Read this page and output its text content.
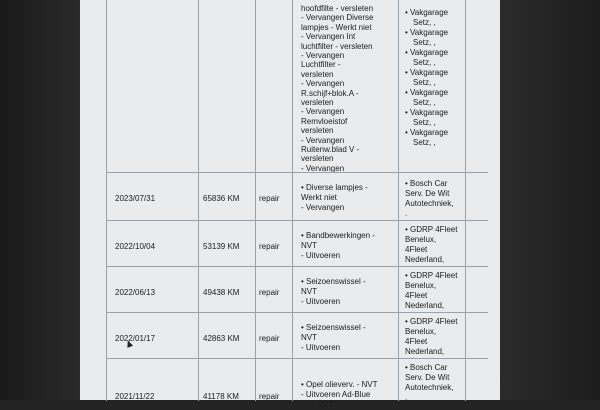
hoofdfilte - versleten
- Vervangen Diverse
lampjes - Werkt niet
- Vervangen Int
luchtfilter - versleten
- Vervangen
Luchtfilter -
versleten
- Vervangen
R.schijf+blok.A -
versleten
- Vervangen
Remvloeistof
versleten
- Vervangen
Ruitenw.blad V -
versleten
- Vervangen
• Vakgarage
Setz, ,
• Vakgarage
Setz, ,
• Vakgarage
Setz, ,
• Vakgarage
Setz, ,
• Vakgarage
Setz, ,
• Vakgarage
Setz, ,
• Vakgarage
Setz, ,
2023/07/31	65836 KM repair
• Diverse lampjes -
Werkt niet
- Vervangen
• Bosch Car
Serv. De Wit
Autotechniek,
.
2022/10/04	53139 KM repair
• Bandbewerkingen -
NVT
- Uitvoeren
• GDRP 4Fleet
Benelux,
4Fleet
Nederland,
2022/06/13	49438 KM repair
• Seizoenswissel -
NVT
- Uitvoeren
• GDRP 4Fleet
Benelux,
4Fleet
Nederland,
2022/01/17	42863 KM repair
• Seizoenswissel -
NVT
- Uitvoeren
• GDRP 4Fleet
Benelux,
4Fleet
Nederland,
2021/11/22	41178 KM	repair
• Opel olieverv. - NVT
- Uitvoeren Ad-Blue
.... - NVT
• Bosch Car
Serv. De Wit
Autotechniek,
.
